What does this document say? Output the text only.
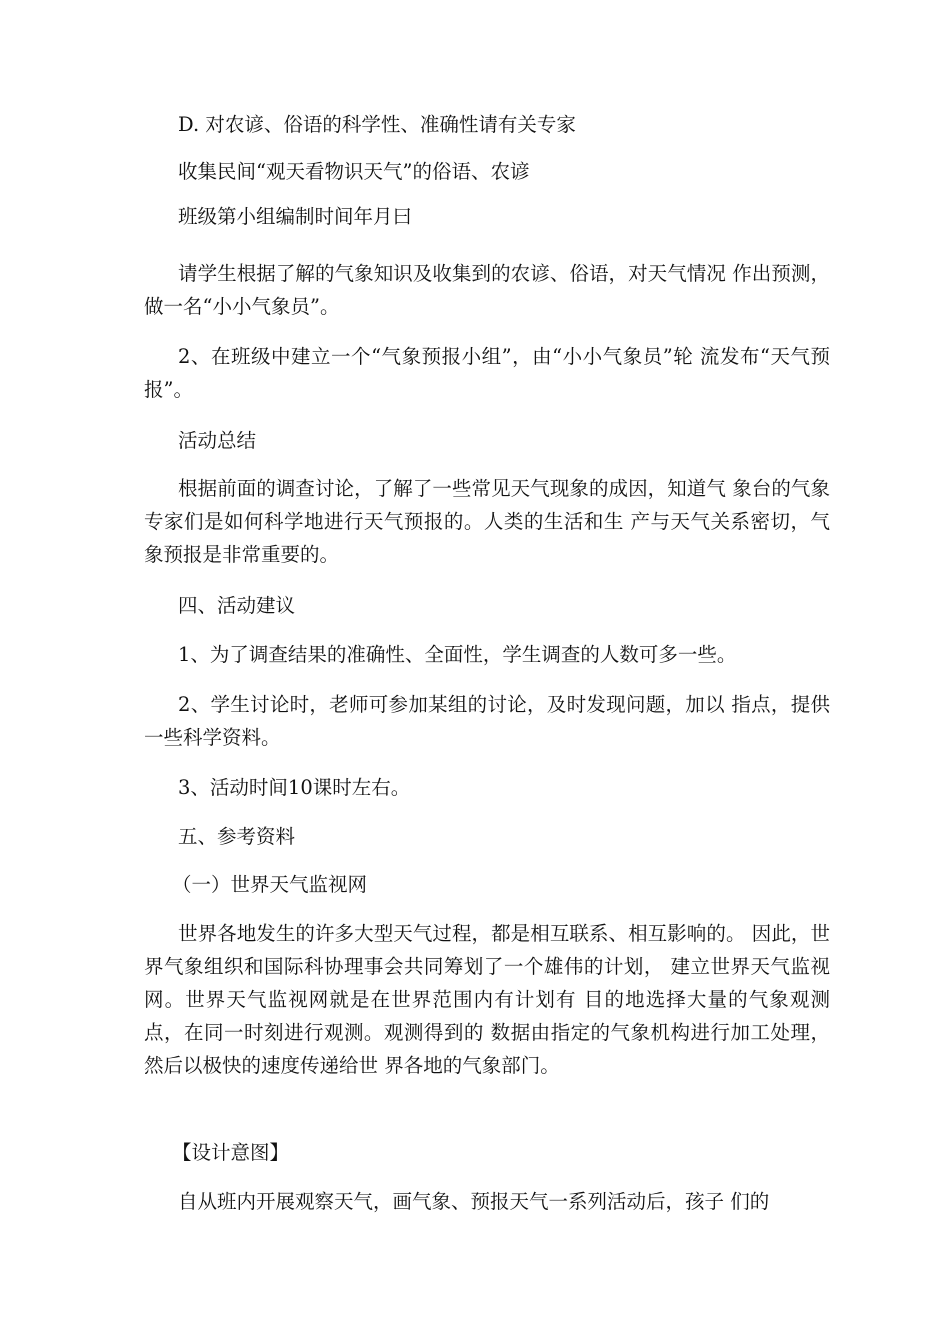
D. 对农谚、俗语的科学性、准确性请有关专家

收集民间“观天看物识天气”的俗语、农谚

班级第小组编制时间年月曰

请学生根据了解的气象知识及收集到的农谚、俗语，对天气情况 作出预测，做一名“小小气象员”。

2、在班级中建立一个“气象预报小组”，由“小小气象员”轮 流发布“天气预报”。

活动总结

根据前面的调查讨论，了解了一些常见天气现象的成因，知道气 象台的气象专家们是如何科学地进行天气预报的。人类的生活和生 产与天气关系密切，气象预报是非常重要的。

四、活动建议

1、为了调查结果的准确性、全面性，学生调查的人数可多一些。

2、学生讨论时，老师可参加某组的讨论，及时发现问题，加以 指点，提供一些科学资料。

3、活动时间10课时左右。

五、参考资料

（一）世界天气监视网

世界各地发生的许多大型天气过程，都是相互联系、相互影响的。 因此，世界气象组织和国际科协理事会共同筹划了一个雄伟的计划， 建立世界天气监视网。世界天气监视网就是在世界范围内有计划有 目的地选择大量的气象观测点，在同一时刻进行观测。观测得到的 数据由指定的气象机构进行加工处理，然后以极快的速度传递给世 界各地的气象部门。

【设计意图】

自从班内开展观察天气，画气象、预报天气一系列活动后，孩子 们的
